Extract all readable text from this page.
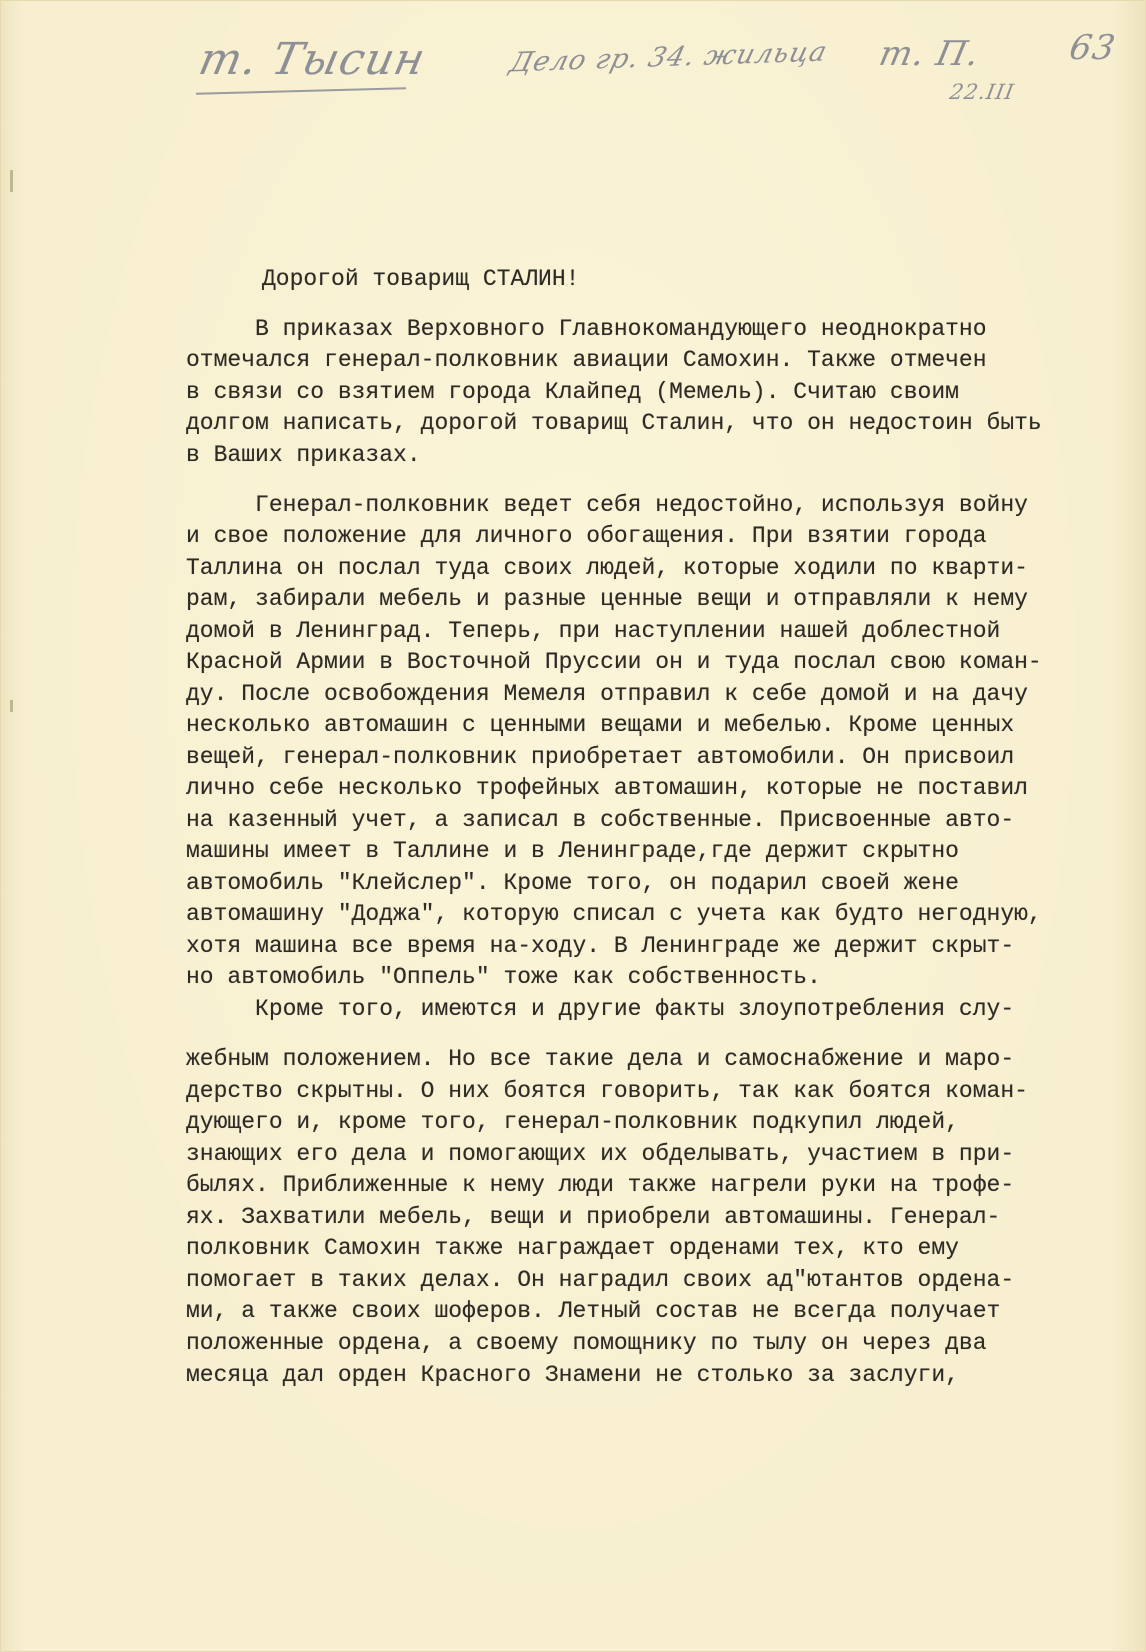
т. Тысин	Дело гр. 34. жильца т. П.
22.III
63
Дорогой товарищ СТАЛИН!
В приказах Верховного Главнокомандующего неоднократно
отмечался генерал-полковник авиации Самохин. Также отмечен
в связи со взятием города Клайпед (Мемель). Считаю своим
долгом написать, дорогой товарищ Сталин, что он недостоин быть
в Ваших приказах.
Генерал-полковник ведет себя недостойно, используя войну
и свое положение для личного обогащения. При взятии города
Таллина он послал туда своих людей, которые ходили по кварти-
рам, забирали мебель и разные ценные вещи и отправляли к нему
домой в Ленинград. Теперь, при наступлении нашей доблестной
Красной Армии в Восточной Пруссии он и туда послал свою коман-
ду. После освобождения Мемеля отправил к себе домой и на дачу
несколько автомашин с ценными вещами и мебелью. Кроме ценных
вещей, генерал-полковник приобретает автомобили. Он присвоил
лично себе несколько трофейных автомашин, которые не поставил
на казенный учет, а записал в собственные. Присвоенные авто-
машины имеет в Таллине и в Ленинграде,где держит скрытно
автомобиль "Клейслер". Кроме того, он подарил своей жене
автомашину "Доджа", которую списал с учета как будто негодную,
хотя машина все время на-ходу. В Ленинграде же держит скрыт-
но автомобиль "Оппель" тоже как собственность.
Кроме того, имеются и другие факты злоупотребления слу-
жебным положением. Но все такие дела и самоснабжение и маро-
дерство скрытны. О них боятся говорить, так как боятся коман-
дующего и, кроме того, генерал-полковник подкупил людей,
знающих его дела и помогающих их обделывать, участием в при-
былях. Приближенные к нему люди также нагрели руки на трофе-
ях. Захватили мебель, вещи и приобрели автомашины. Генерал-
полковник Самохин также награждает орденами тех, кто ему
помогает в таких делах. Он наградил своих ад"ютантов ордена-
ми, а также своих шоферов. Летный состав не всегда получает
положенные ордена, а своему помощнику по тылу он через два
месяца дал орден Красного Знамени не столько за заслуги,
